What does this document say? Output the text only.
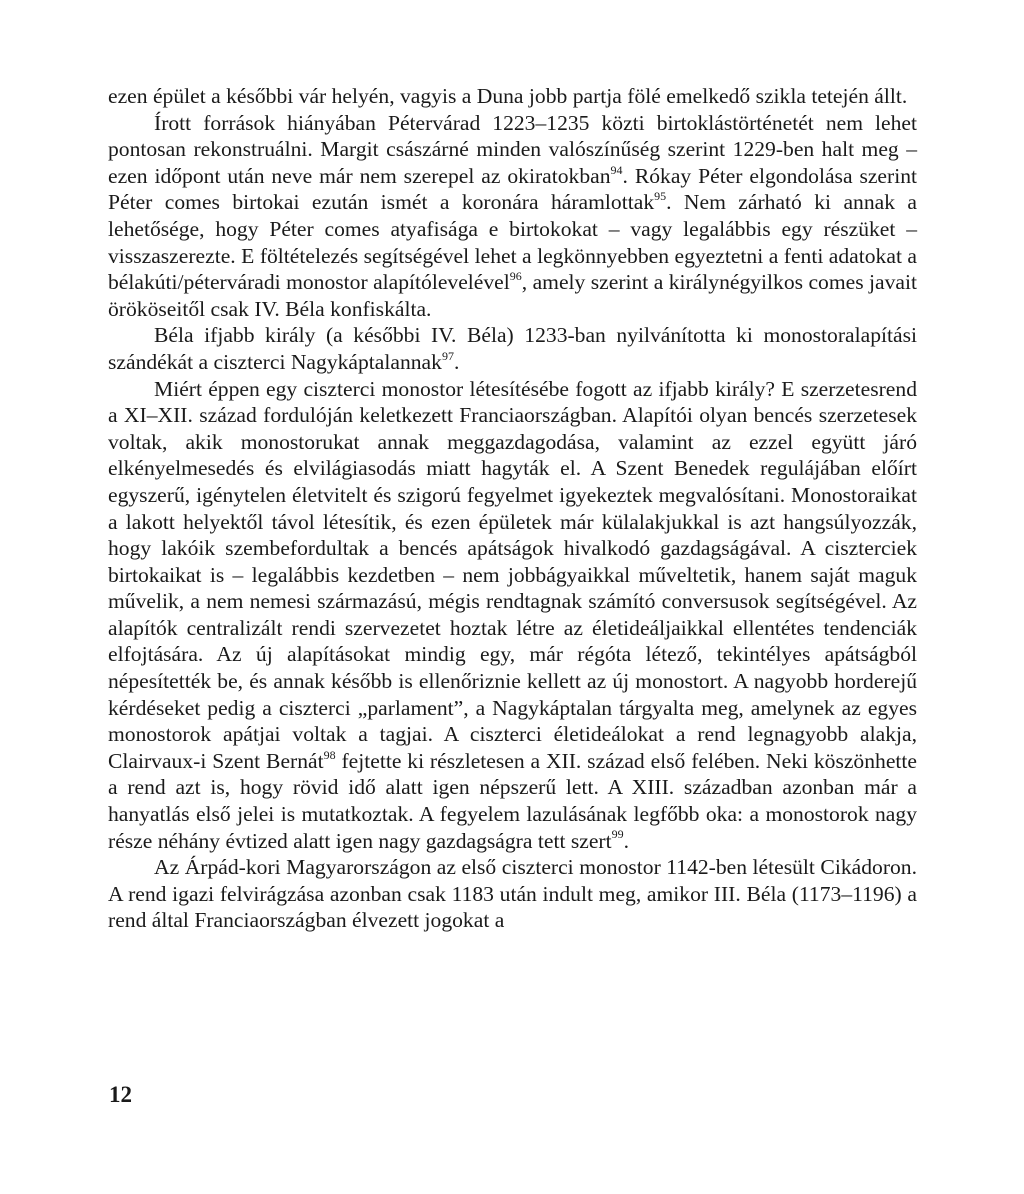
ezen épület a későbbi vár helyén, vagyis a Duna jobb partja fölé emelkedő szikla tetején állt.

Írott források hiányában Pétervárad 1223–1235 közti birtoklástörténetét nem lehet pontosan rekonstruálni. Margit császárné minden valószínűség szerint 1229-ben halt meg – ezen időpont után neve már nem szerepel az okiratokban$^{94}$. Rókay Péter elgondolása szerint Péter comes birtokai ezután ismét a koronára háramlottak$^{95}$. Nem zárható ki annak a lehetősége, hogy Péter comes atyafisága e birtokokat – vagy legalábbis egy részüket – visszaszerezte. E föltételezés segítségével lehet a legkönnyebben egyeztetni a fenti adatokat a bélakúti/péterváradi monostor alapítólevelével$^{96}$, amely szerint a királynégyilkos comes javait örököseitől csak IV. Béla konfiskálta.

Béla ifjabb király (a későbbi IV. Béla) 1233-ban nyilvánította ki monostoralapítási szándékát a ciszterci Nagykáptalannak$^{97}$.

Miért éppen egy ciszterci monostor létesítésébe fogott az ifjabb király? E szerzetesrend a XI–XII. század fordulóján keletkezett Franciaországban. Alapítói olyan bencés szerzetesek voltak, akik monostorukat annak meggazdagodása, valamint az ezzel együtt járó elkényelmesedés és elvilágiasodás miatt hagyták el. A Szent Benedek regulájában előírt egyszerű, igénytelen életvitelt és szigorú fegyelmet igyekeztek megvalósítani. Monostoraikat a lakott helyektől távol létesítik, és ezen épületek már külalakjukkal is azt hangsúlyozzák, hogy lakóik szembefordultak a bencés apátságok hivalkodó gazdagságával. A ciszterciek birtokaikat is – legalábbis kezdetben – nem jobbágyaikkal műveltetik, hanem saját maguk művelik, a nem nemesi származású, mégis rendtagnak számító conversusok segítségével. Az alapítók centralizált rendi szervezetet hoztak létre az életideáljaikkal ellentétes tendenciák elfojtására. Az új alapításokat mindig egy, már régóta létező, tekintélyes apátságból népesítették be, és annak később is ellenőriznie kellett az új monostort. A nagyobb horderejű kérdéseket pedig a ciszterci „parlament”, a Nagykáptalan tárgyalta meg, amelynek az egyes monostorok apátjai voltak a tagjai. A ciszterci életideálokat a rend legnagyobb alakja, Clairvaux-i Szent Bernát$^{98}$ fejtette ki részletesen a XII. század első felében. Neki köszönhette a rend azt is, hogy rövid idő alatt igen népszerű lett. A XIII. században azonban már a hanyatlás első jelei is mutatkoztak. A fegyelem lazulásának legfőbb oka: a monostorok nagy része néhány évtized alatt igen nagy gazdagságra tett szert$^{99}$.

Az Árpád-kori Magyarországon az első ciszterci monostor 1142-ben létesült Cikádoron. A rend igazi felvirágzása azonban csak 1183 után indult meg, amikor III. Béla (1173–1196) a rend által Franciaországban élvezett jogokat a

12
